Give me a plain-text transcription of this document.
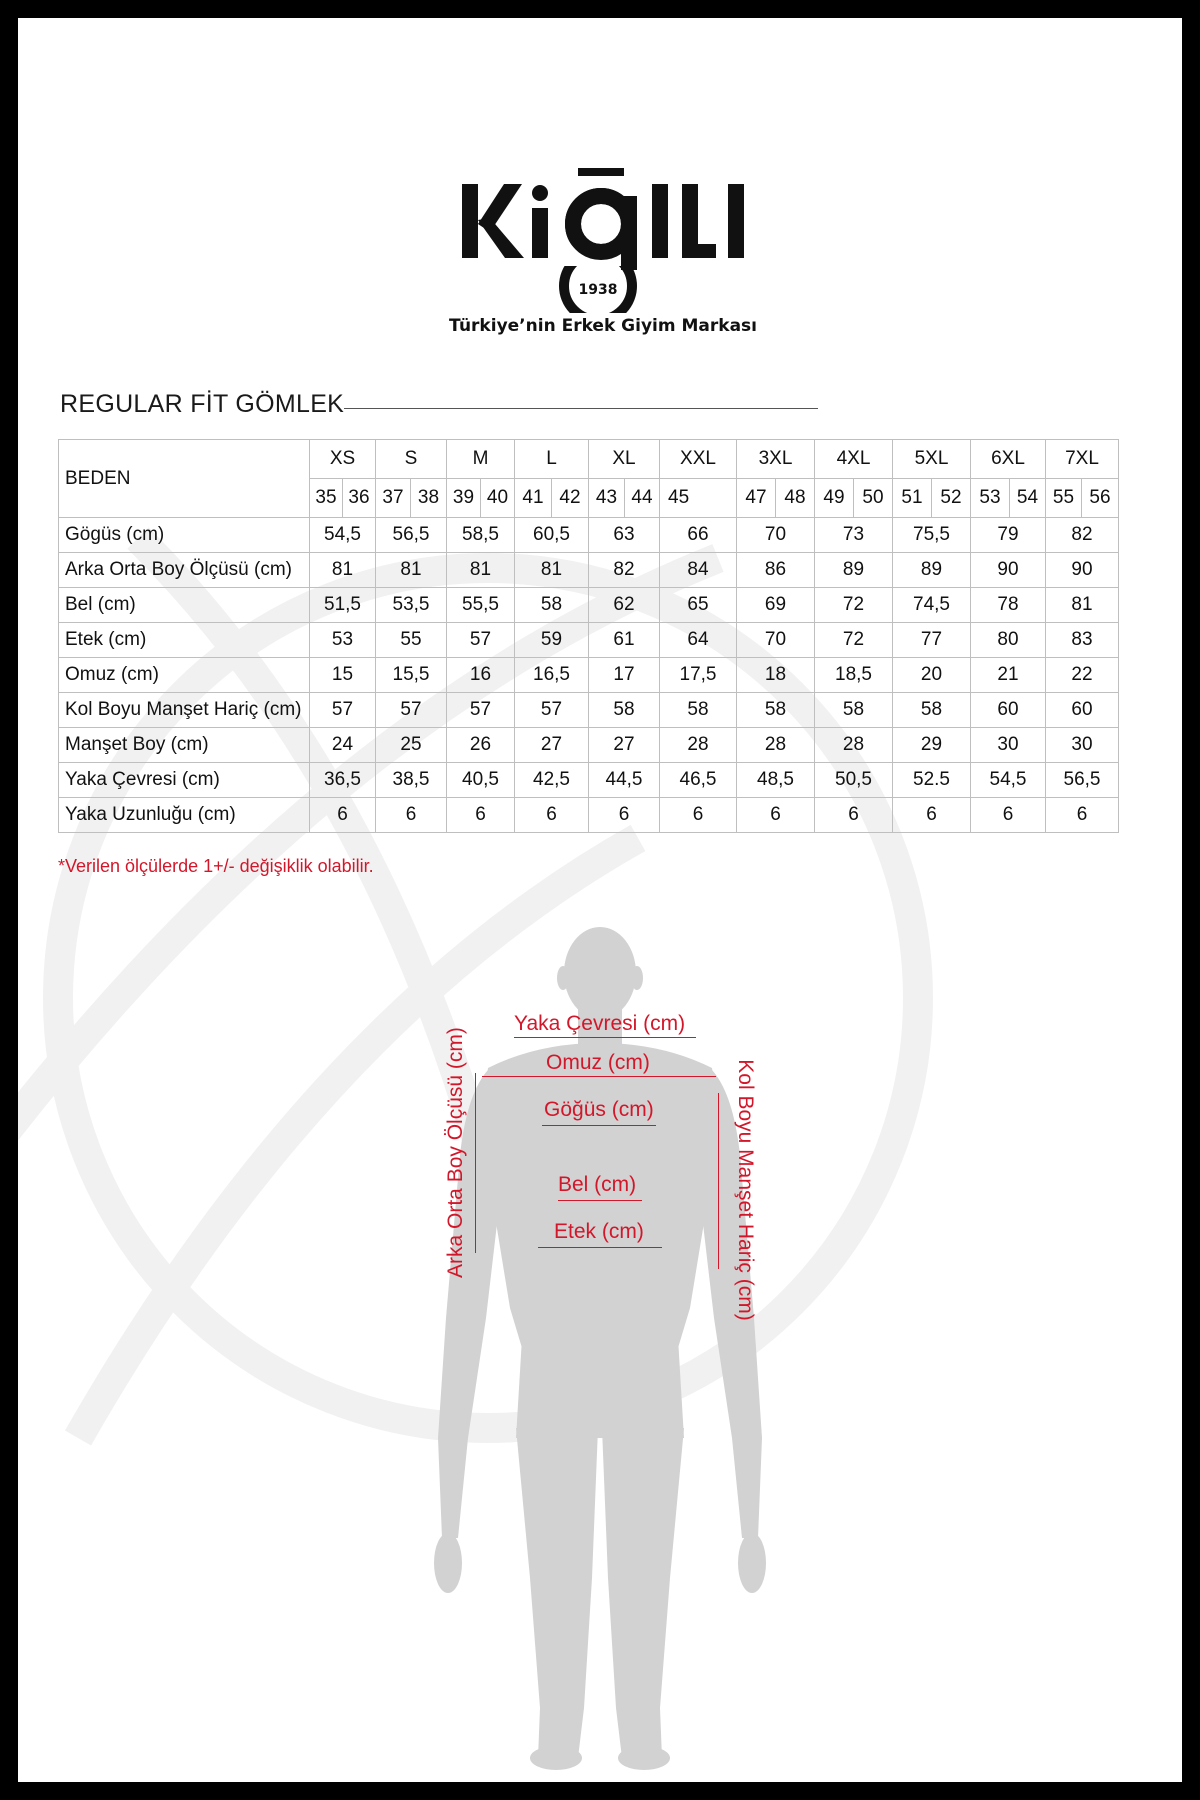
1938
Türkiye’nin Erkek Giyim Markası
REGULAR FİT GÖMLEK
BEDEN	XS		S		M		L		XL		XXL	3XL		4XL		5XL		6XL		7XL	
	35	36	37	38	39	40	41	42	43	44	45	47	48	49	50	51	52	53	54	55	56
Gögüs (cm)	54,5		56,5		58,5		60,5		63		66	70		73		75,5		79		82	
Arka Orta Boy Ölçüsü (cm)	81		81		81		81		82		84	86		89		89		90		90	
Bel (cm)	51,5		53,5		55,5		58		62		65	69		72		74,5		78		81	
Etek (cm)	53		55		57		59		61		64	70		72		77		80		83	
Omuz (cm)	15		15,5		16		16,5		17		17,5	18		18,5		20		21		22	
Kol Boyu Manşet Hariç (cm)	57		57		57		57		58		58	58		58		58		60		60	
Manşet Boy (cm)	24		25		26		27		27		28	28		28		29		30		30	
Yaka Çevresi (cm)	36,5		38,5		40,5		42,5		44,5		46,5	48,5		50,5		52.5		54,5		56,5	
Yaka Uzunluğu (cm)	6		6		6		6		6		6	6		6		6		6		6	
*Verilen ölçülerde 1+/- değişiklik olabilir.
Yaka Çevresi (cm)
Omuz (cm)
Göğüs (cm)
Bel (cm)
Etek (cm)
Arka Orta Boy Ölçüsü (cm)	Kol Boyu Manşet Hariç (cm)
